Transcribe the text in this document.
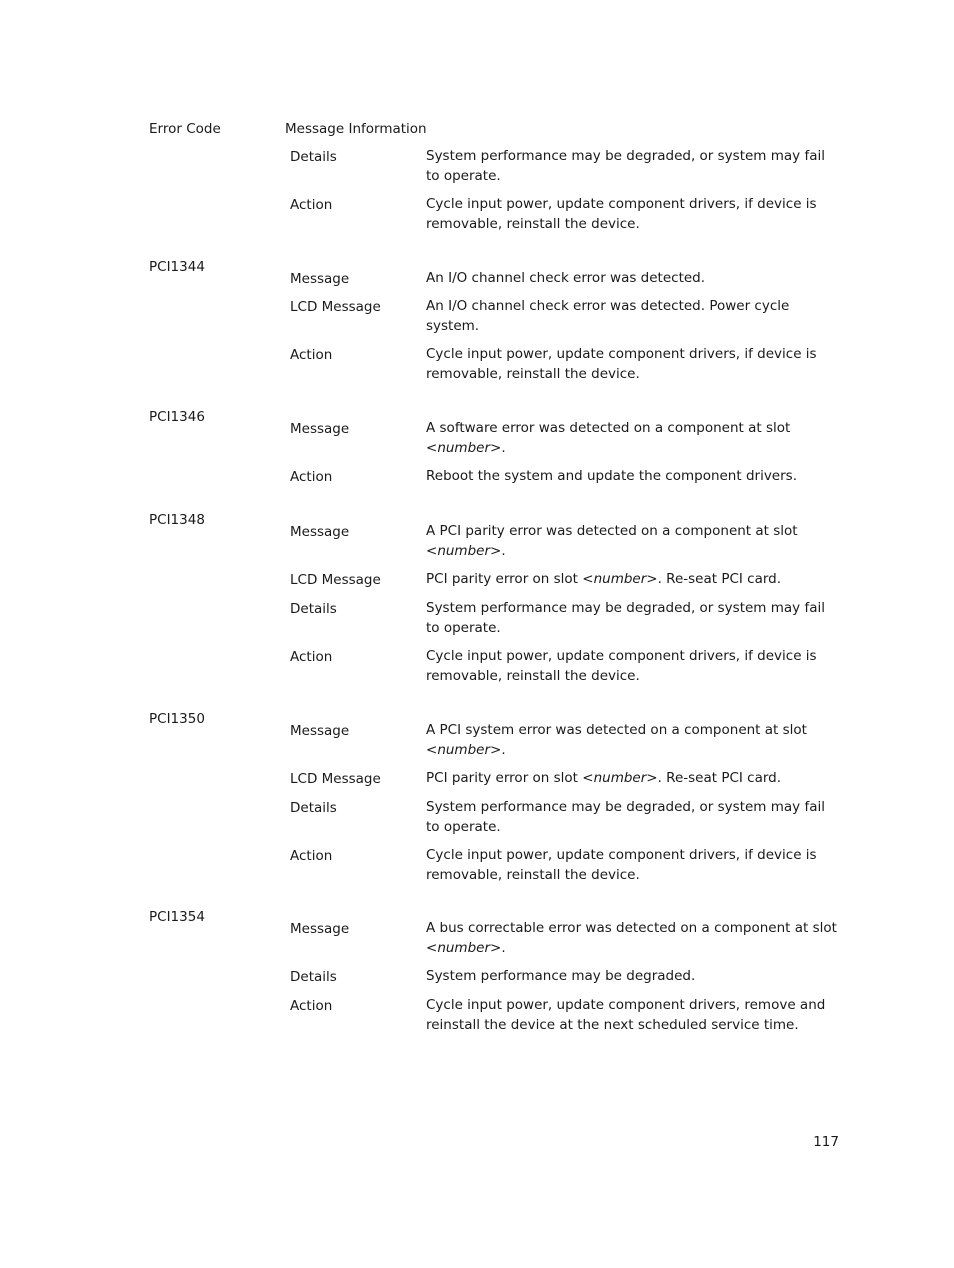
Error Code	Message Information
Details	System performance may be degraded, or system may fail to operate.
Action	Cycle input power, update component drivers, if device is removable, reinstall the device.
PCI1344
Message	An I/O channel check error was detected.
LCD Message	An I/O channel check error was detected. Power cycle system.
Action	Cycle input power, update component drivers, if device is removable, reinstall the device.
PCI1346
Message	A software error was detected on a component at slot <number>.
Action	Reboot the system and update the component drivers.
PCI1348
Message	A PCI parity error was detected on a component at slot <number>.
LCD Message	PCI parity error on slot <number>. Re-seat PCI card.
Details	System performance may be degraded, or system may fail to operate.
Action	Cycle input power, update component drivers, if device is removable, reinstall the device.
PCI1350
Message	A PCI system error was detected on a component at slot <number>.
LCD Message	PCI parity error on slot <number>. Re-seat PCI card.
Details	System performance may be degraded, or system may fail to operate.
Action	Cycle input power, update component drivers, if device is removable, reinstall the device.
PCI1354
Message	A bus correctable error was detected on a component at slot <number>.
Details	System performance may be degraded.
Action	Cycle input power, update component drivers, remove and reinstall the device at the next scheduled service time.
117
